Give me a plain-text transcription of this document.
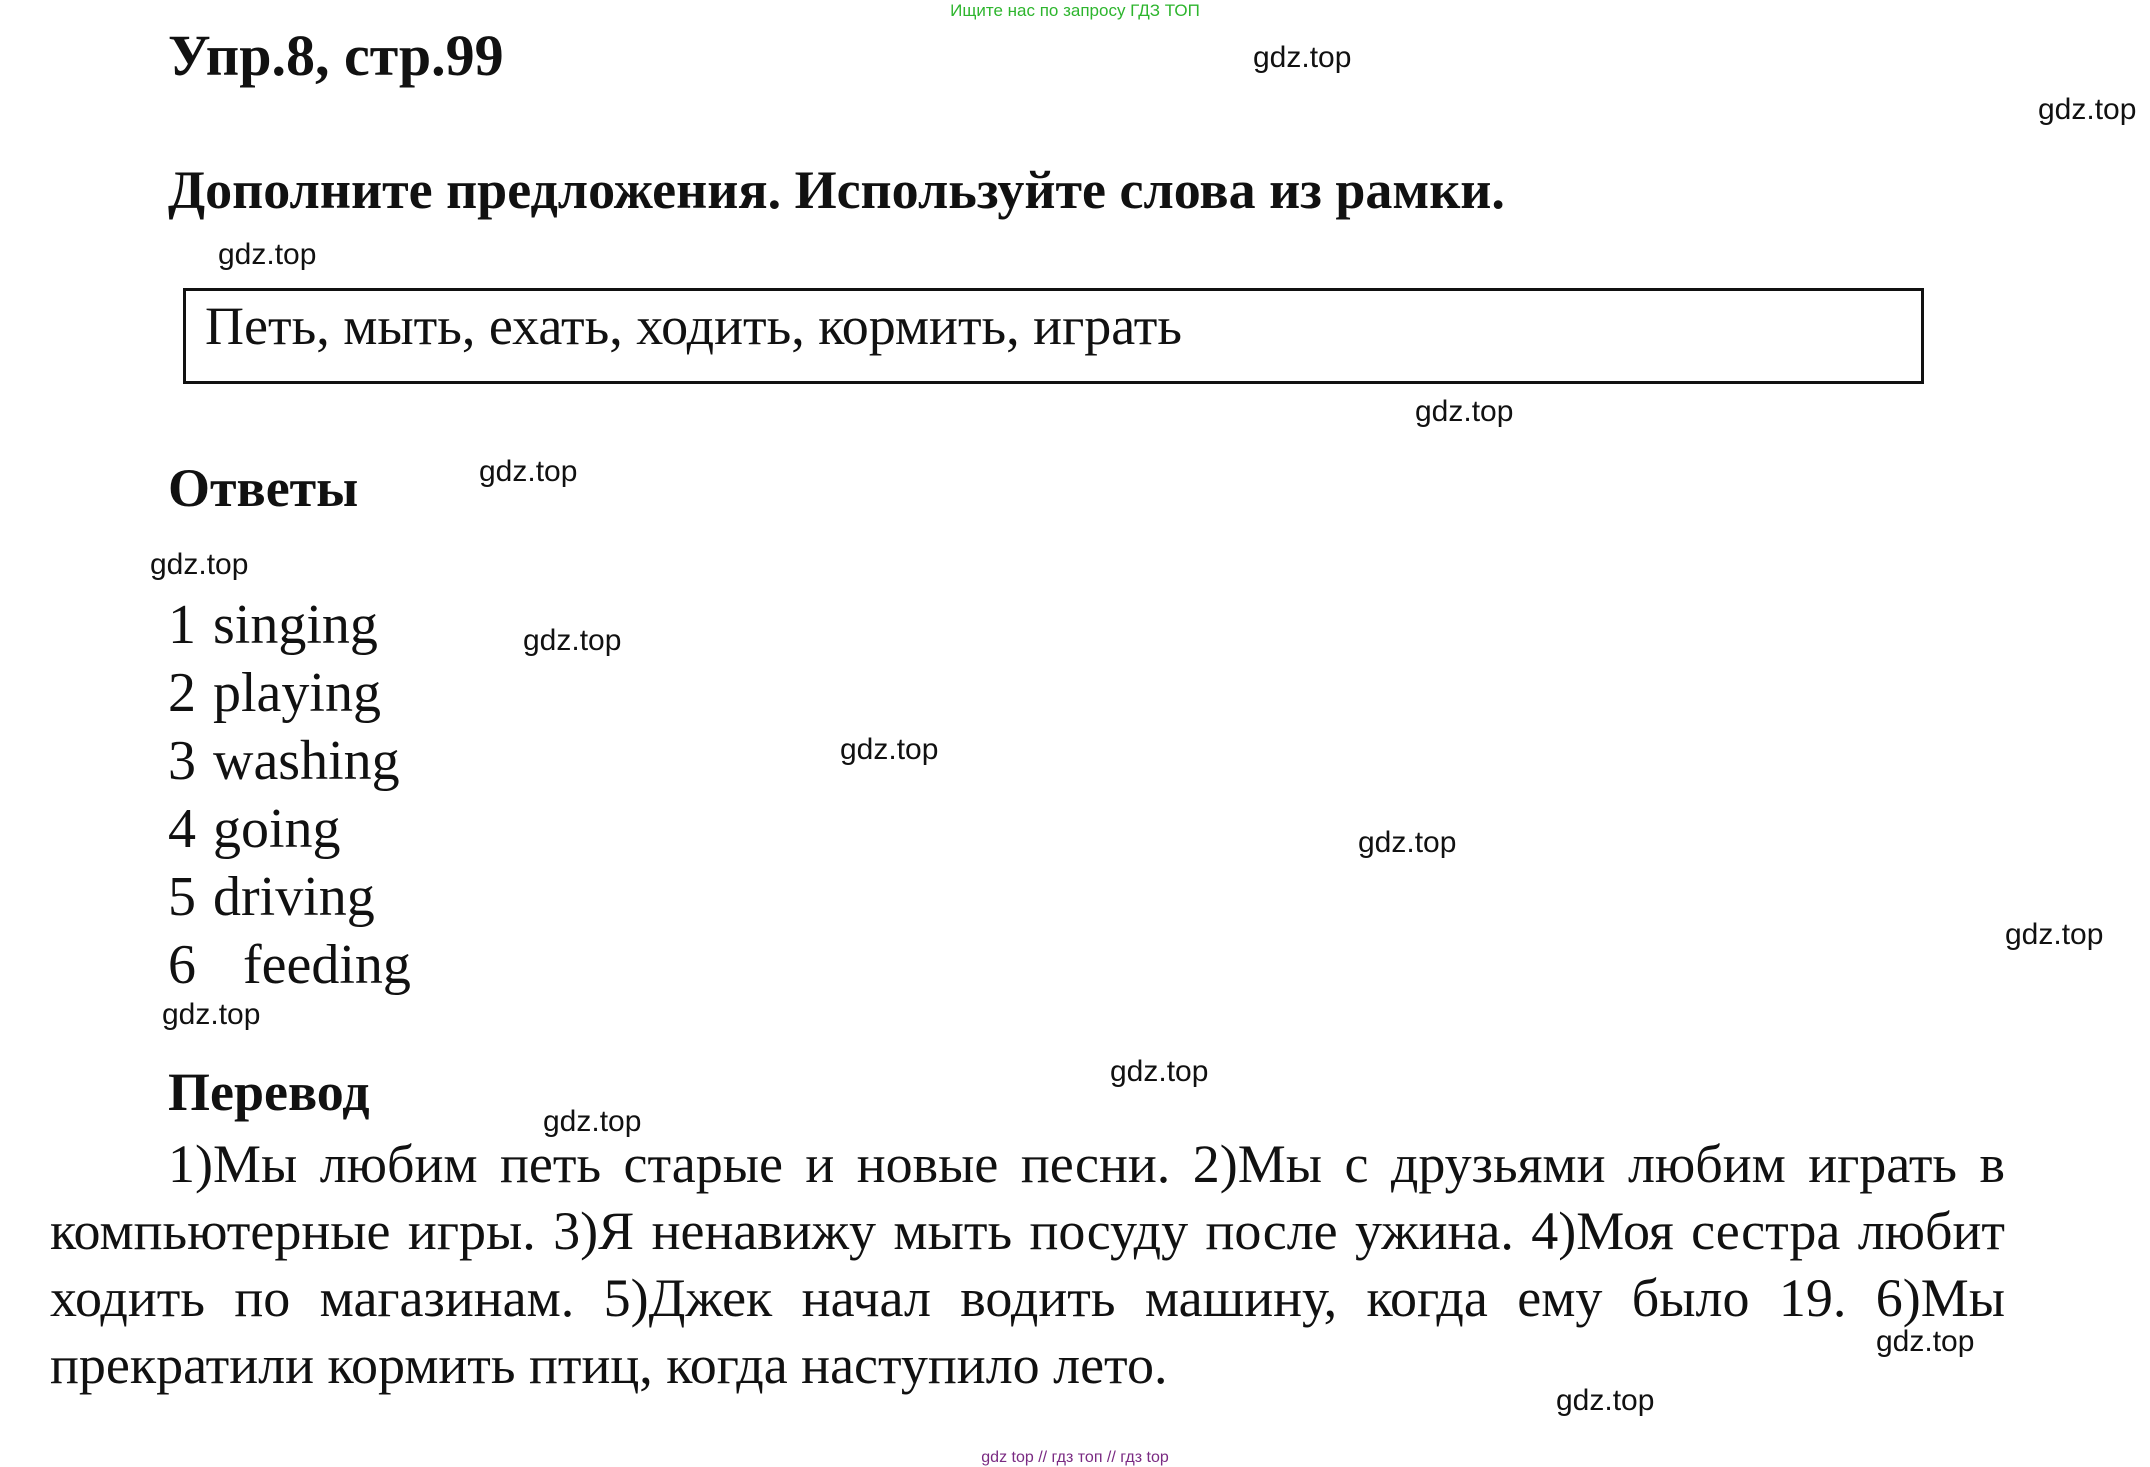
Ищите нас по запросу ГДЗ ТОП
Упр.8, стр.99
Дополните предложения. Используйте слова из рамки.
Петь, мыть, ехать, ходить, кормить, играть
Ответы
1 singing
2 playing
3 washing
4 going
5 driving
6 feeding
Перевод
1)Мы любим петь старые и новые песни. 2)Мы с друзьями любим играть в компьютерные игры. 3)Я ненавижу мыть посуду после ужина. 4)Моя сестра любит ходить по магазинам. 5)Джек начал водить машину, когда ему было 19. 6)Мы прекратили кормить птиц, когда наступило лето.
gdz.top
gdz.top
gdz.top
gdz.top
gdz.top
gdz.top
gdz.top
gdz.top
gdz.top
gdz.top
gdz.top
gdz.top
gdz.top
gdz.top
gdz.top
gdz top // гдз топ // гдз top
